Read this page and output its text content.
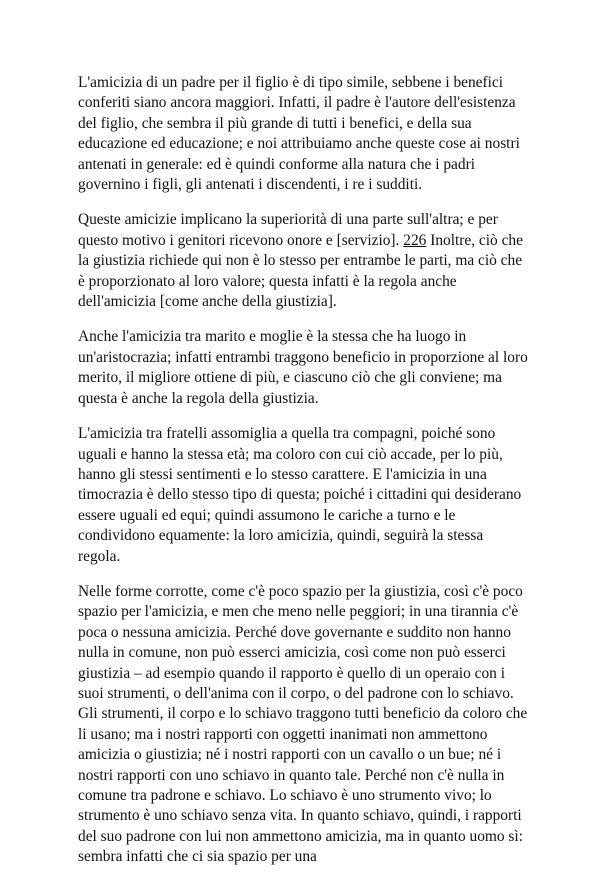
L'amicizia di un padre per il figlio è di tipo simile, sebbene i benefici conferiti siano ancora maggiori. Infatti, il padre è l'autore dell'esistenza del figlio, che sembra il più grande di tutti i benefici, e della sua educazione ed educazione; e noi attribuiamo anche queste cose ai nostri antenati in generale: ed è quindi conforme alla natura che i padri governino i figli, gli antenati i discendenti, i re i sudditi.

Queste amicizie implicano la superiorità di una parte sull'altra; e per questo motivo i genitori ricevono onore e [servizio]. 226 Inoltre, ciò che la giustizia richiede qui non è lo stesso per entrambe le parti, ma ciò che è proporzionato al loro valore; questa infatti è la regola anche dell'amicizia [come anche della giustizia].

Anche l'amicizia tra marito e moglie è la stessa che ha luogo in un'aristocrazia; infatti entrambi traggono beneficio in proporzione al loro merito, il migliore ottiene di più, e ciascuno ciò che gli conviene; ma questa è anche la regola della giustizia.

L'amicizia tra fratelli assomiglia a quella tra compagni, poiché sono uguali e hanno la stessa età; ma coloro con cui ciò accade, per lo più, hanno gli stessi sentimenti e lo stesso carattere. E l'amicizia in una timocrazia è dello stesso tipo di questa; poiché i cittadini qui desiderano essere uguali ed equi; quindi assumono le cariche a turno e le condividono equamente: la loro amicizia, quindi, seguirà la stessa regola.

Nelle forme corrotte, come c'è poco spazio per la giustizia, così c'è poco spazio per l'amicizia, e men che meno nelle peggiori; in una tirannia c'è poca o nessuna amicizia. Perché dove governante e suddito non hanno nulla in comune, non può esserci amicizia, così come non può esserci giustizia – ad esempio quando il rapporto è quello di un operaio con i suoi strumenti, o dell'anima con il corpo, o del padrone con lo schiavo. Gli strumenti, il corpo e lo schiavo traggono tutti beneficio da coloro che li usano; ma i nostri rapporti con oggetti inanimati non ammettono amicizia o giustizia; né i nostri rapporti con un cavallo o un bue; né i nostri rapporti con uno schiavo in quanto tale. Perché non c'è nulla in comune tra padrone e schiavo. Lo schiavo è uno strumento vivo; lo strumento è uno schiavo senza vita. In quanto schiavo, quindi, i rapporti del suo padrone con lui non ammettono amicizia, ma in quanto uomo sì: sembra infatti che ci sia spazio per una
